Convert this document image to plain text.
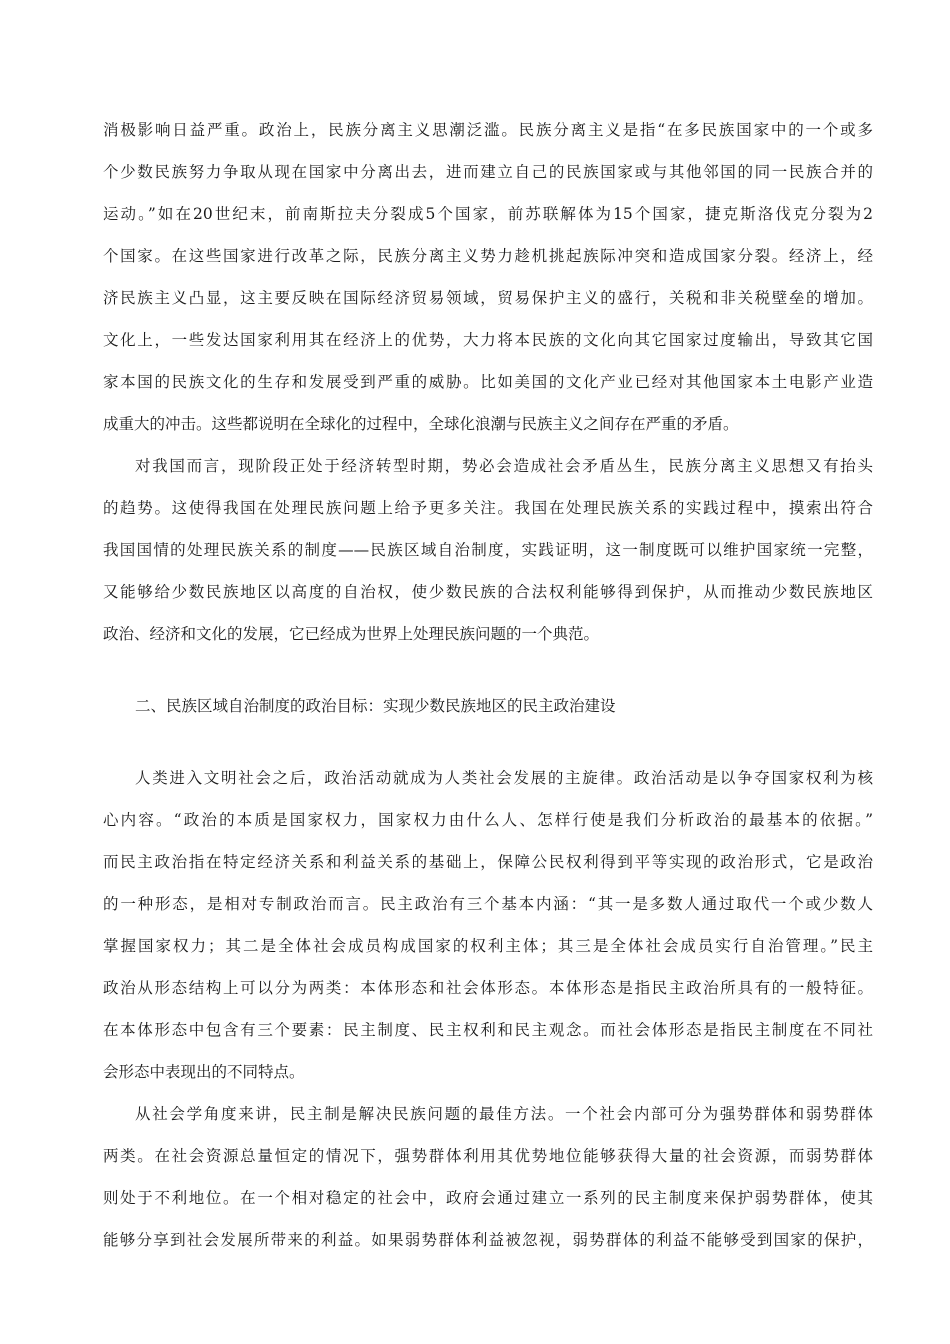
消极影响日益严重。政治上，民族分离主义思潮泛滥。民族分离主义是指“在多民族国家中的一个或多

个少数民族努力争取从现在国家中分离出去，进而建立自己的民族国家或与其他邻国的同一民族合并的

运动。”如在20世纪末，前南斯拉夫分裂成5个国家，前苏联解体为15个国家，捷克斯洛伐克分裂为2

个国家。在这些国家进行改革之际，民族分离主义势力趁机挑起族际冲突和造成国家分裂。经济上，经

济民族主义凸显，这主要反映在国际经济贸易领域，贸易保护主义的盛行，关税和非关税壁垒的增加。

文化上，一些发达国家利用其在经济上的优势，大力将本民族的文化向其它国家过度输出，导致其它国

家本国的民族文化的生存和发展受到严重的威胁。比如美国的文化产业已经对其他国家本土电影产业造

成重大的冲击。这些都说明在全球化的过程中，全球化浪潮与民族主义之间存在严重的矛盾。

对我国而言，现阶段正处于经济转型时期，势必会造成社会矛盾丛生，民族分离主义思想又有抬头

的趋势。这使得我国在处理民族问题上给予更多关注。我国在处理民族关系的实践过程中，摸索出符合

我国国情的处理民族关系的制度——民族区域自治制度，实践证明，这一制度既可以维护国家统一完整，

又能够给少数民族地区以高度的自治权，使少数民族的合法权利能够得到保护，从而推动少数民族地区

政治、经济和文化的发展，它已经成为世界上处理民族问题的一个典范。

二、民族区域自治制度的政治目标：实现少数民族地区的民主政治建设

人类进入文明社会之后，政治活动就成为人类社会发展的主旋律。政治活动是以争夺国家权利为核

心内容。“政治的本质是国家权力，国家权力由什么人、怎样行使是我们分析政治的最基本的依据。”

而民主政治指在特定经济关系和利益关系的基础上，保障公民权利得到平等实现的政治形式，它是政治

的一种形态，是相对专制政治而言。民主政治有三个基本内涵：“其一是多数人通过取代一个或少数人

掌握国家权力；其二是全体社会成员构成国家的权利主体；其三是全体社会成员实行自治管理。”民主

政治从形态结构上可以分为两类：本体形态和社会体形态。本体形态是指民主政治所具有的一般特征。

在本体形态中包含有三个要素：民主制度、民主权利和民主观念。而社会体形态是指民主制度在不同社

会形态中表现出的不同特点。

从社会学角度来讲，民主制是解决民族问题的最佳方法。一个社会内部可分为强势群体和弱势群体

两类。在社会资源总量恒定的情况下，强势群体利用其优势地位能够获得大量的社会资源，而弱势群体

则处于不利地位。在一个相对稳定的社会中，政府会通过建立一系列的民主制度来保护弱势群体，使其

能够分享到社会发展所带来的利益。如果弱势群体利益被忽视，弱势群体的利益不能够受到国家的保护，
